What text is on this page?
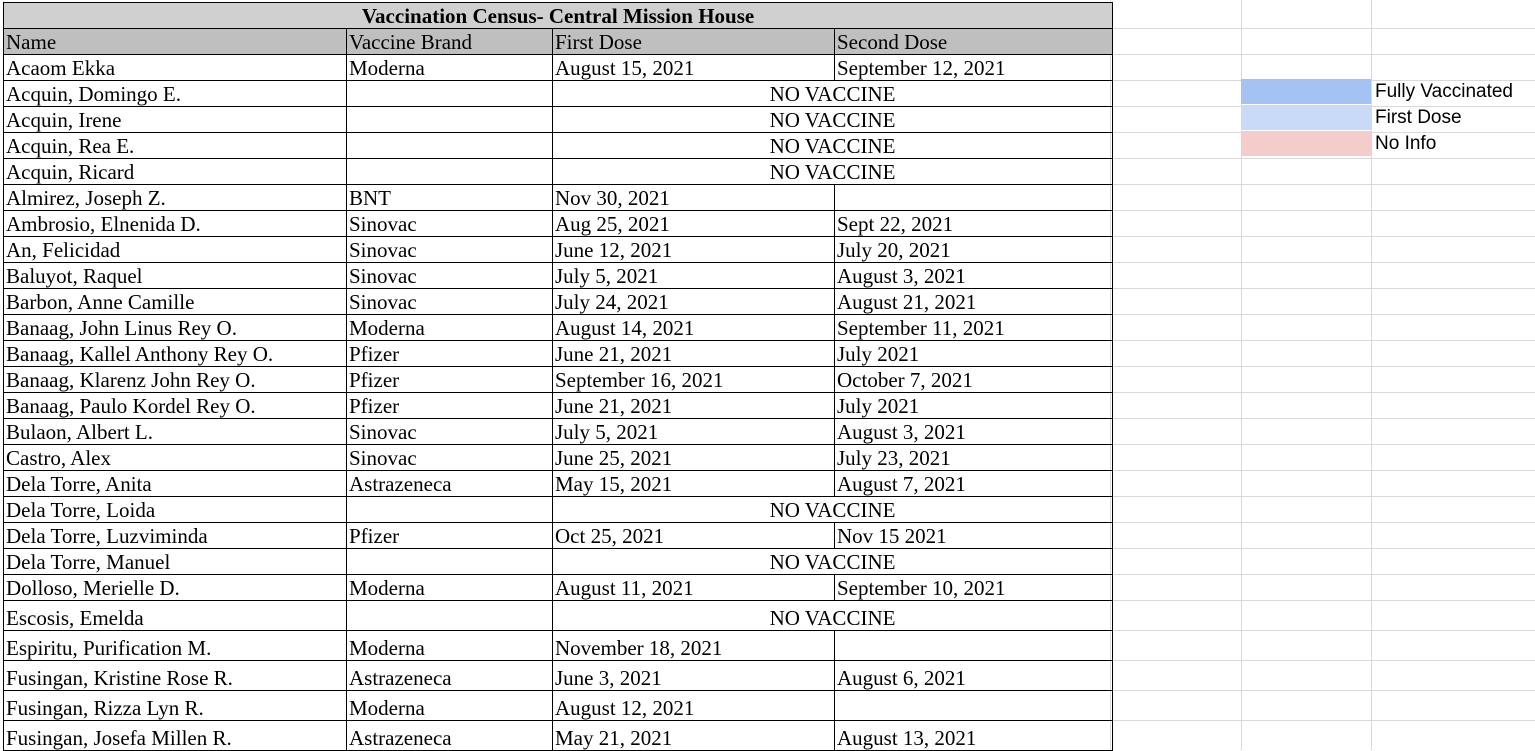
Vaccination Census- Central Mission House			
Name	Vaccine Brand	First Dose	Second Dose
Acaom Ekka	Moderna	August 15, 2021	September 12, 2021
Acquin, Domingo E.		NO VACCINE	
Acquin, Irene		NO VACCINE	
Acquin, Rea E.		NO VACCINE	
Acquin, Ricard		NO VACCINE	
Almirez, Joseph Z.	BNT	Nov 30, 2021	
Ambrosio, Elnenida D.	Sinovac	Aug 25, 2021	Sept 22, 2021
An, Felicidad	Sinovac	June 12, 2021	July 20, 2021
Baluyot, Raquel	Sinovac	July 5, 2021	August 3, 2021
Barbon, Anne Camille	Sinovac	July 24, 2021	August 21, 2021
Banaag, John Linus Rey O.	Moderna	August 14, 2021	September 11, 2021
Banaag, Kallel Anthony Rey O.	Pfizer	June 21, 2021	July 2021
Banaag, Klarenz John Rey O.	Pfizer	September 16, 2021	October 7, 2021
Banaag, Paulo Kordel Rey O.	Pfizer	June 21, 2021	July 2021
Bulaon, Albert L.	Sinovac	July 5, 2021	August 3, 2021
Castro, Alex	Sinovac	June 25, 2021	July 23, 2021
Dela Torre, Anita	Astrazeneca	May 15, 2021	August 7, 2021
Dela Torre, Loida		NO VACCINE	
Dela Torre, Luzviminda	Pfizer	Oct 25, 2021	Nov 15 2021
Dela Torre, Manuel		NO VACCINE	
Dolloso, Merielle D.	Moderna	August 11, 2021	September 10, 2021
Escosis, Emelda		NO VACCINE	
Espiritu, Purification M.	Moderna	November 18, 2021	
Fusingan, Kristine Rose R.	Astrazeneca	June 3, 2021	August 6, 2021
Fusingan, Rizza Lyn R.	Moderna	August 12, 2021	
Fusingan, Josefa Millen R.	Astrazeneca	May 21, 2021	August 13, 2021
Fully Vaccinated
First Dose
No Info
